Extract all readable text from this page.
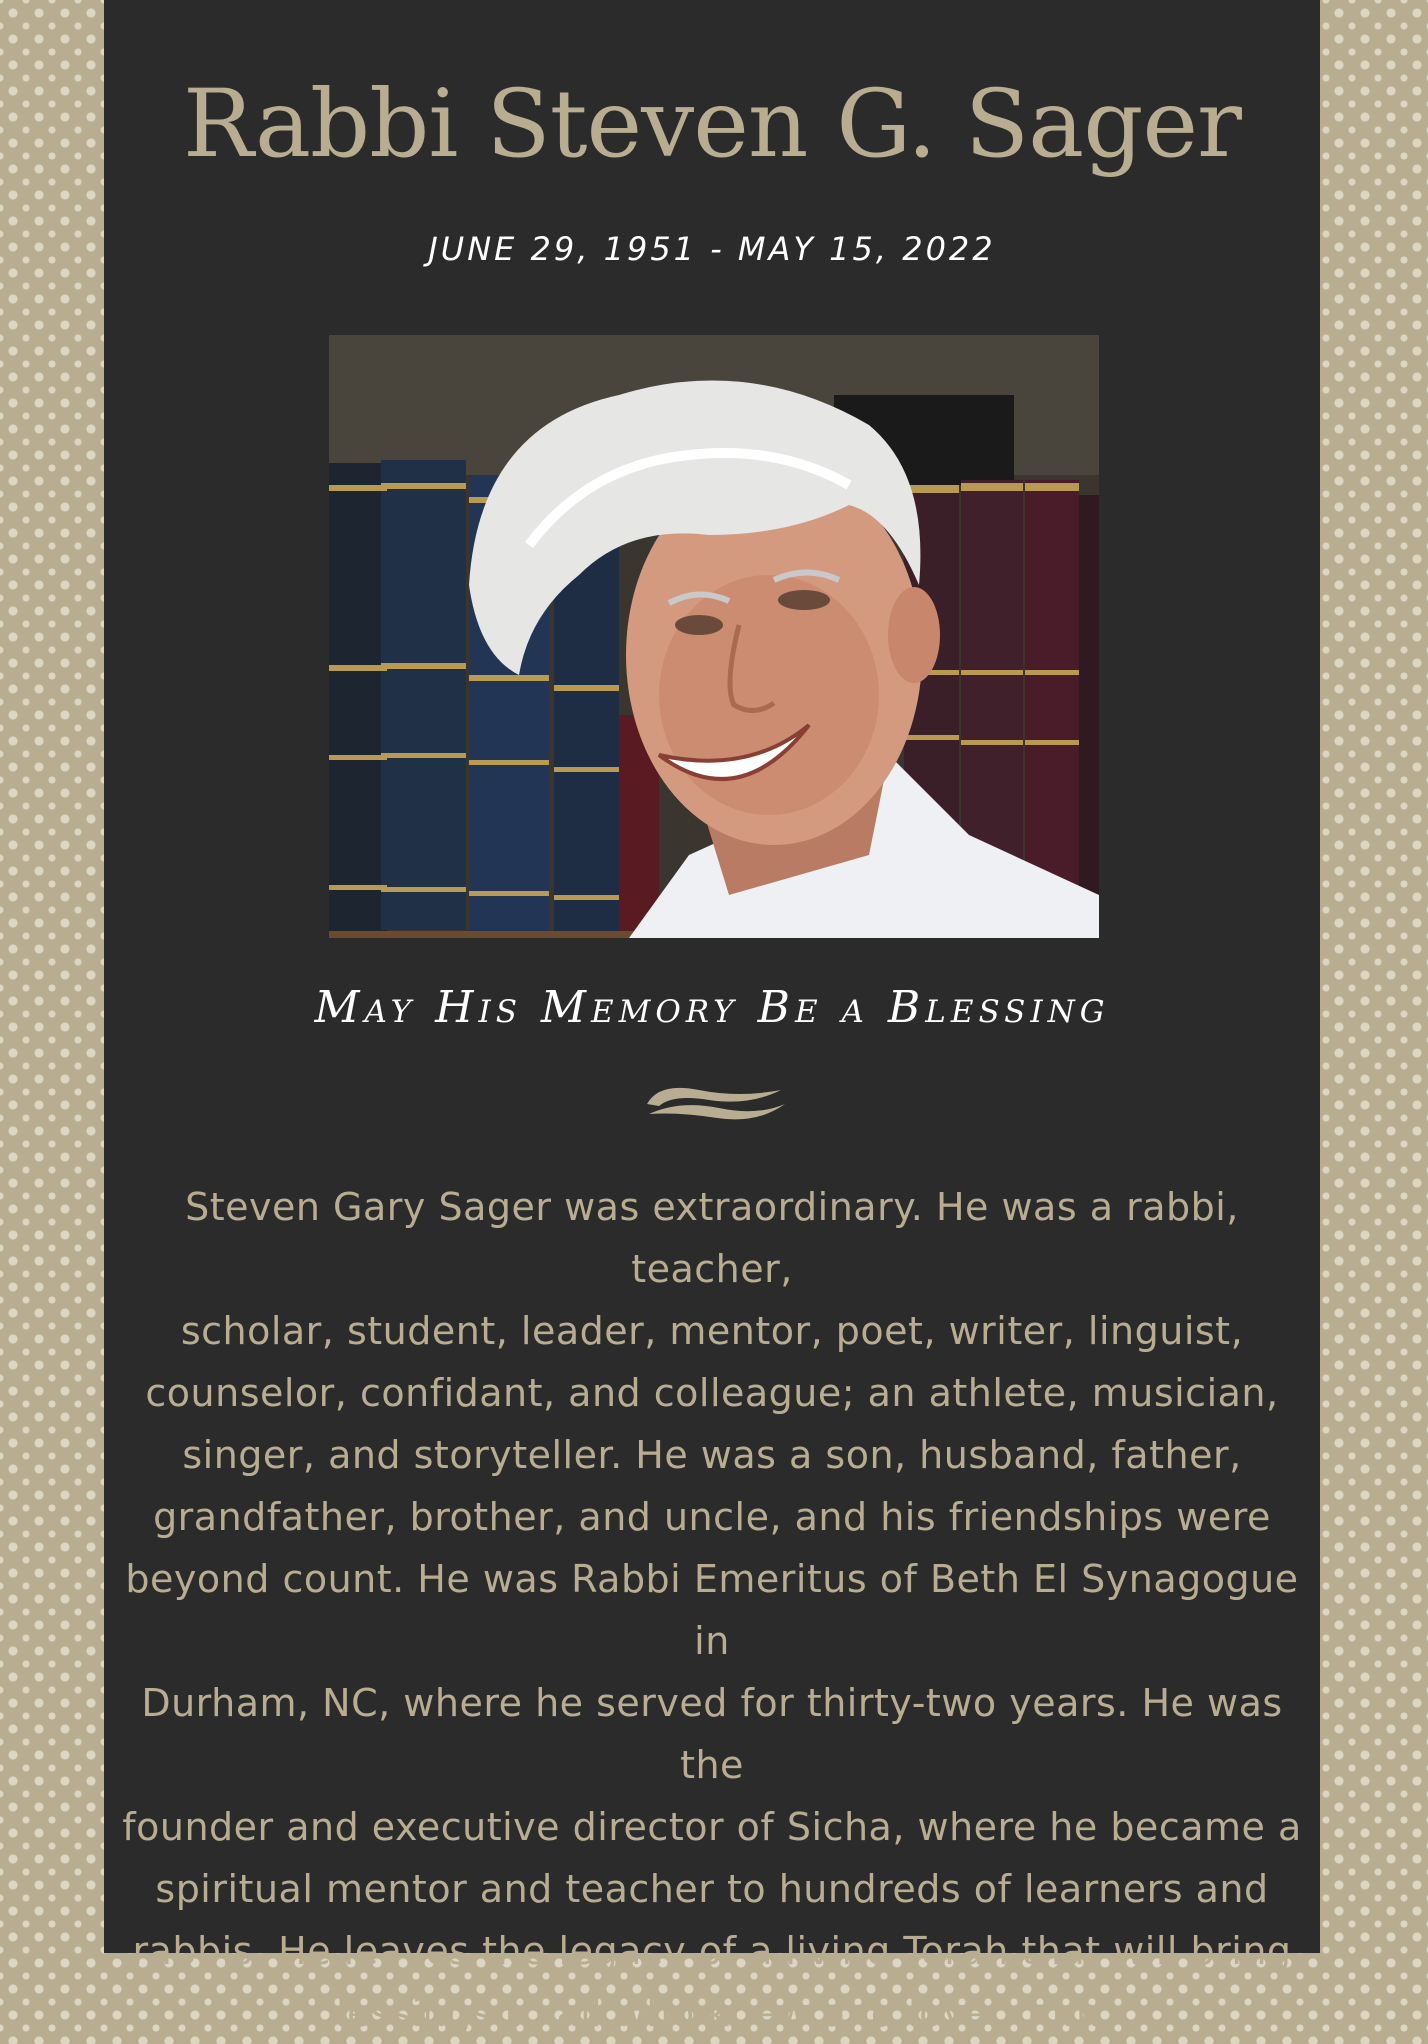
Rabbi Steven G. Sager
JUNE 29, 1951 - MAY 15, 2022
May His Memory Be a Blessing

Steven Gary Sager was extraordinary. He was a rabbi, teacher,
scholar, student, leader, mentor, poet, writer, linguist,
counselor, confidant, and colleague; an athlete, musician,
singer, and storyteller. He was a son, husband, father,
grandfather, brother, and uncle, and his friendships were
beyond count. He was Rabbi Emeritus of Beth El Synagogue in
Durham, NC, where he served for thirty-two years. He was the
founder and executive director of Sicha, where he became a
spiritual mentor and teacher to hundreds of learners and
rabbis. He leaves the legacy of a living Torah that will bring
blessings to all who knew and loved him.
